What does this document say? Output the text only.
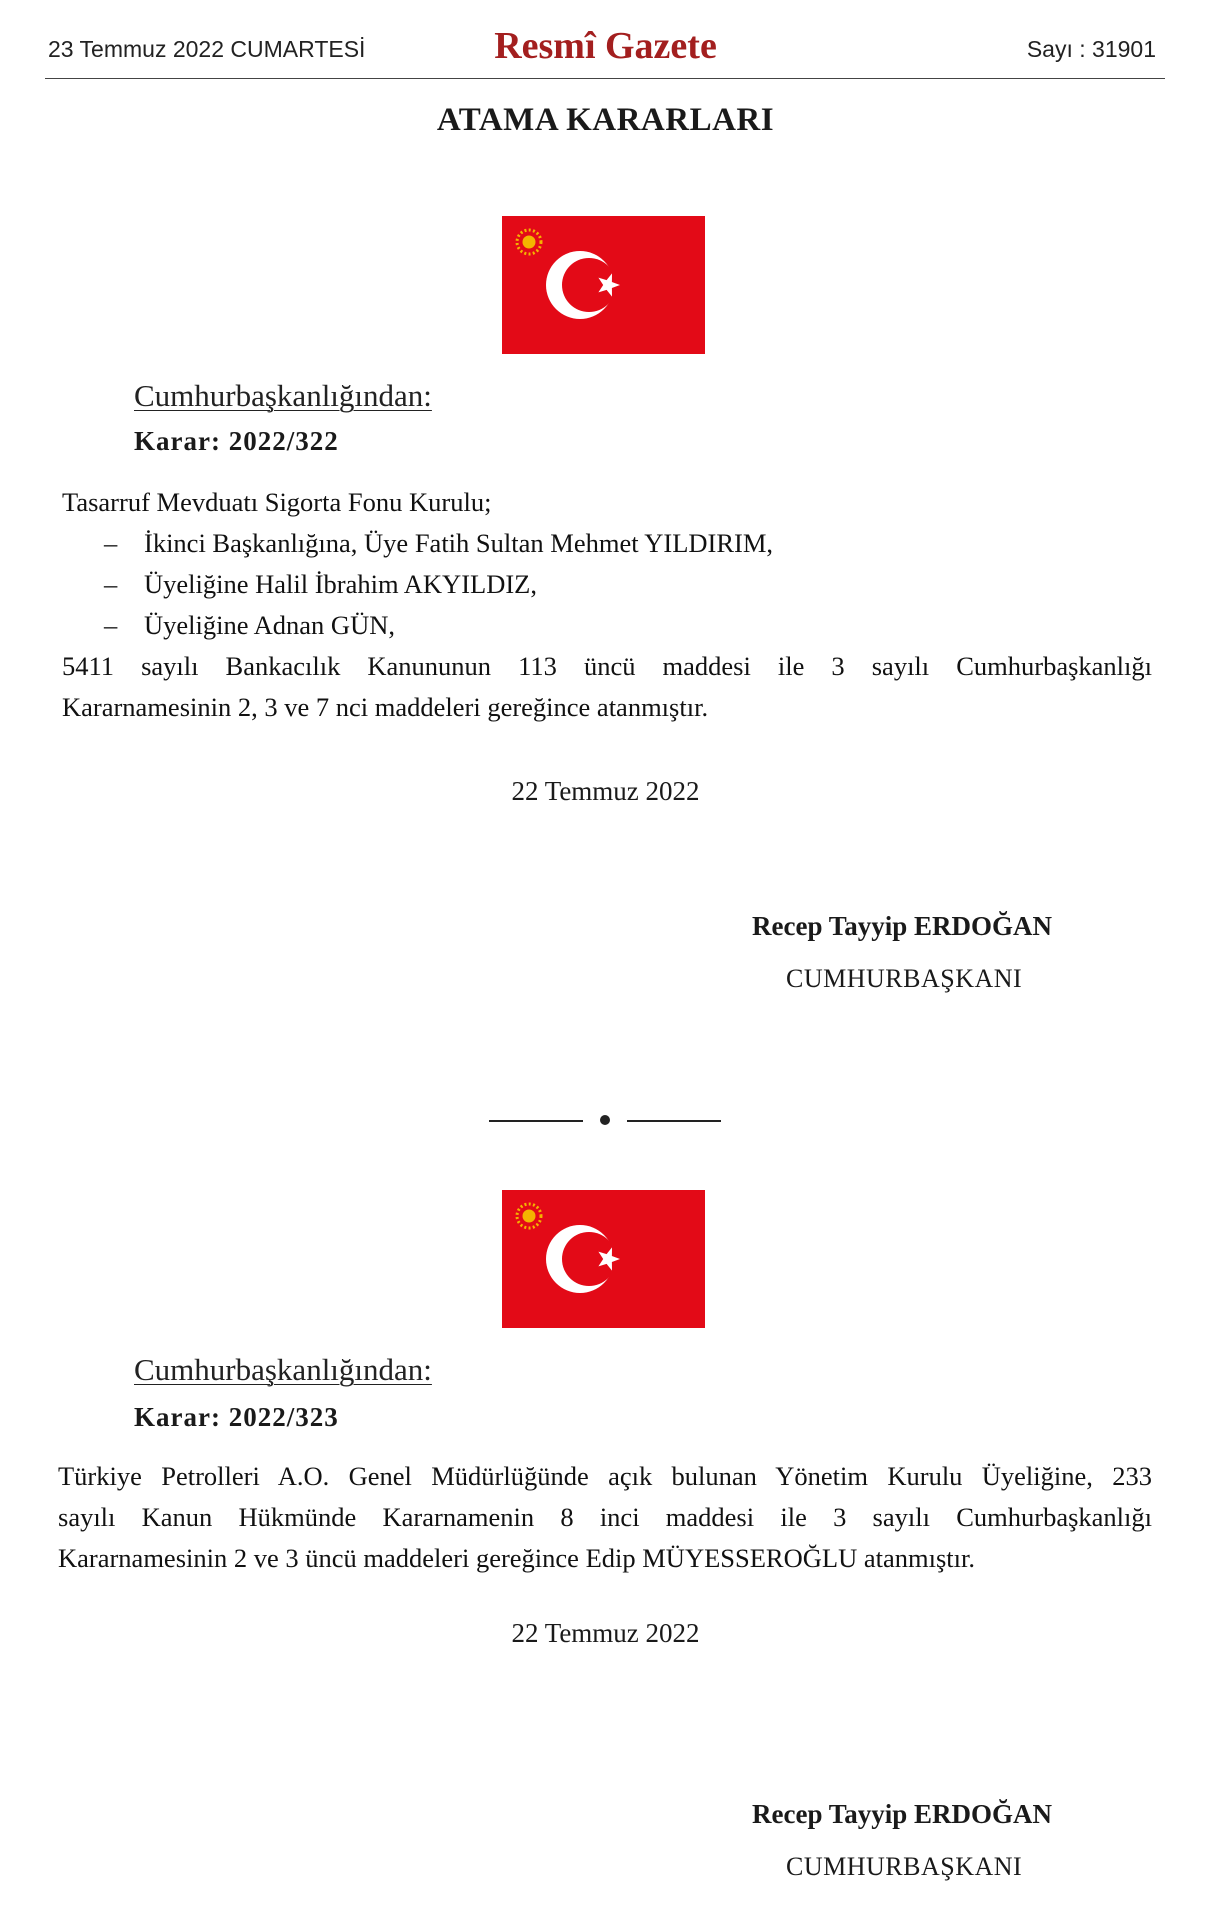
23 Temmuz 2022 CUMARTESİ	Resmî Gazete	Sayı : 31901
ATAMA KARARLARI
Cumhurbaşkanlığından:
Karar: 2022/322
Tasarruf Mevduatı Sigorta Fonu Kurulu;
– İkinci Başkanlığına, Üye Fatih Sultan Mehmet YILDIRIM,
– Üyeliğine Halil İbrahim AKYILDIZ,
– Üyeliğine Adnan GÜN,
5411 sayılı Bankacılık Kanununun 113 üncü maddesi ile 3 sayılı Cumhurbaşkanlığı
Kararnamesinin 2, 3 ve 7 nci maddeleri gereğince atanmıştır.
22 Temmuz 2022
Recep Tayyip ERDOĞAN
CUMHURBAŞKANI
Cumhurbaşkanlığından:
Karar: 2022/323
Türkiye Petrolleri A.O. Genel Müdürlüğünde açık bulunan Yönetim Kurulu Üyeliğine, 233
sayılı Kanun Hükmünde Kararnamenin 8 inci maddesi ile 3 sayılı Cumhurbaşkanlığı
Kararnamesinin 2 ve 3 üncü maddeleri gereğince Edip MÜYESSEROĞLU atanmıştır.
22 Temmuz 2022
Recep Tayyip ERDOĞAN
CUMHURBAŞKANI
